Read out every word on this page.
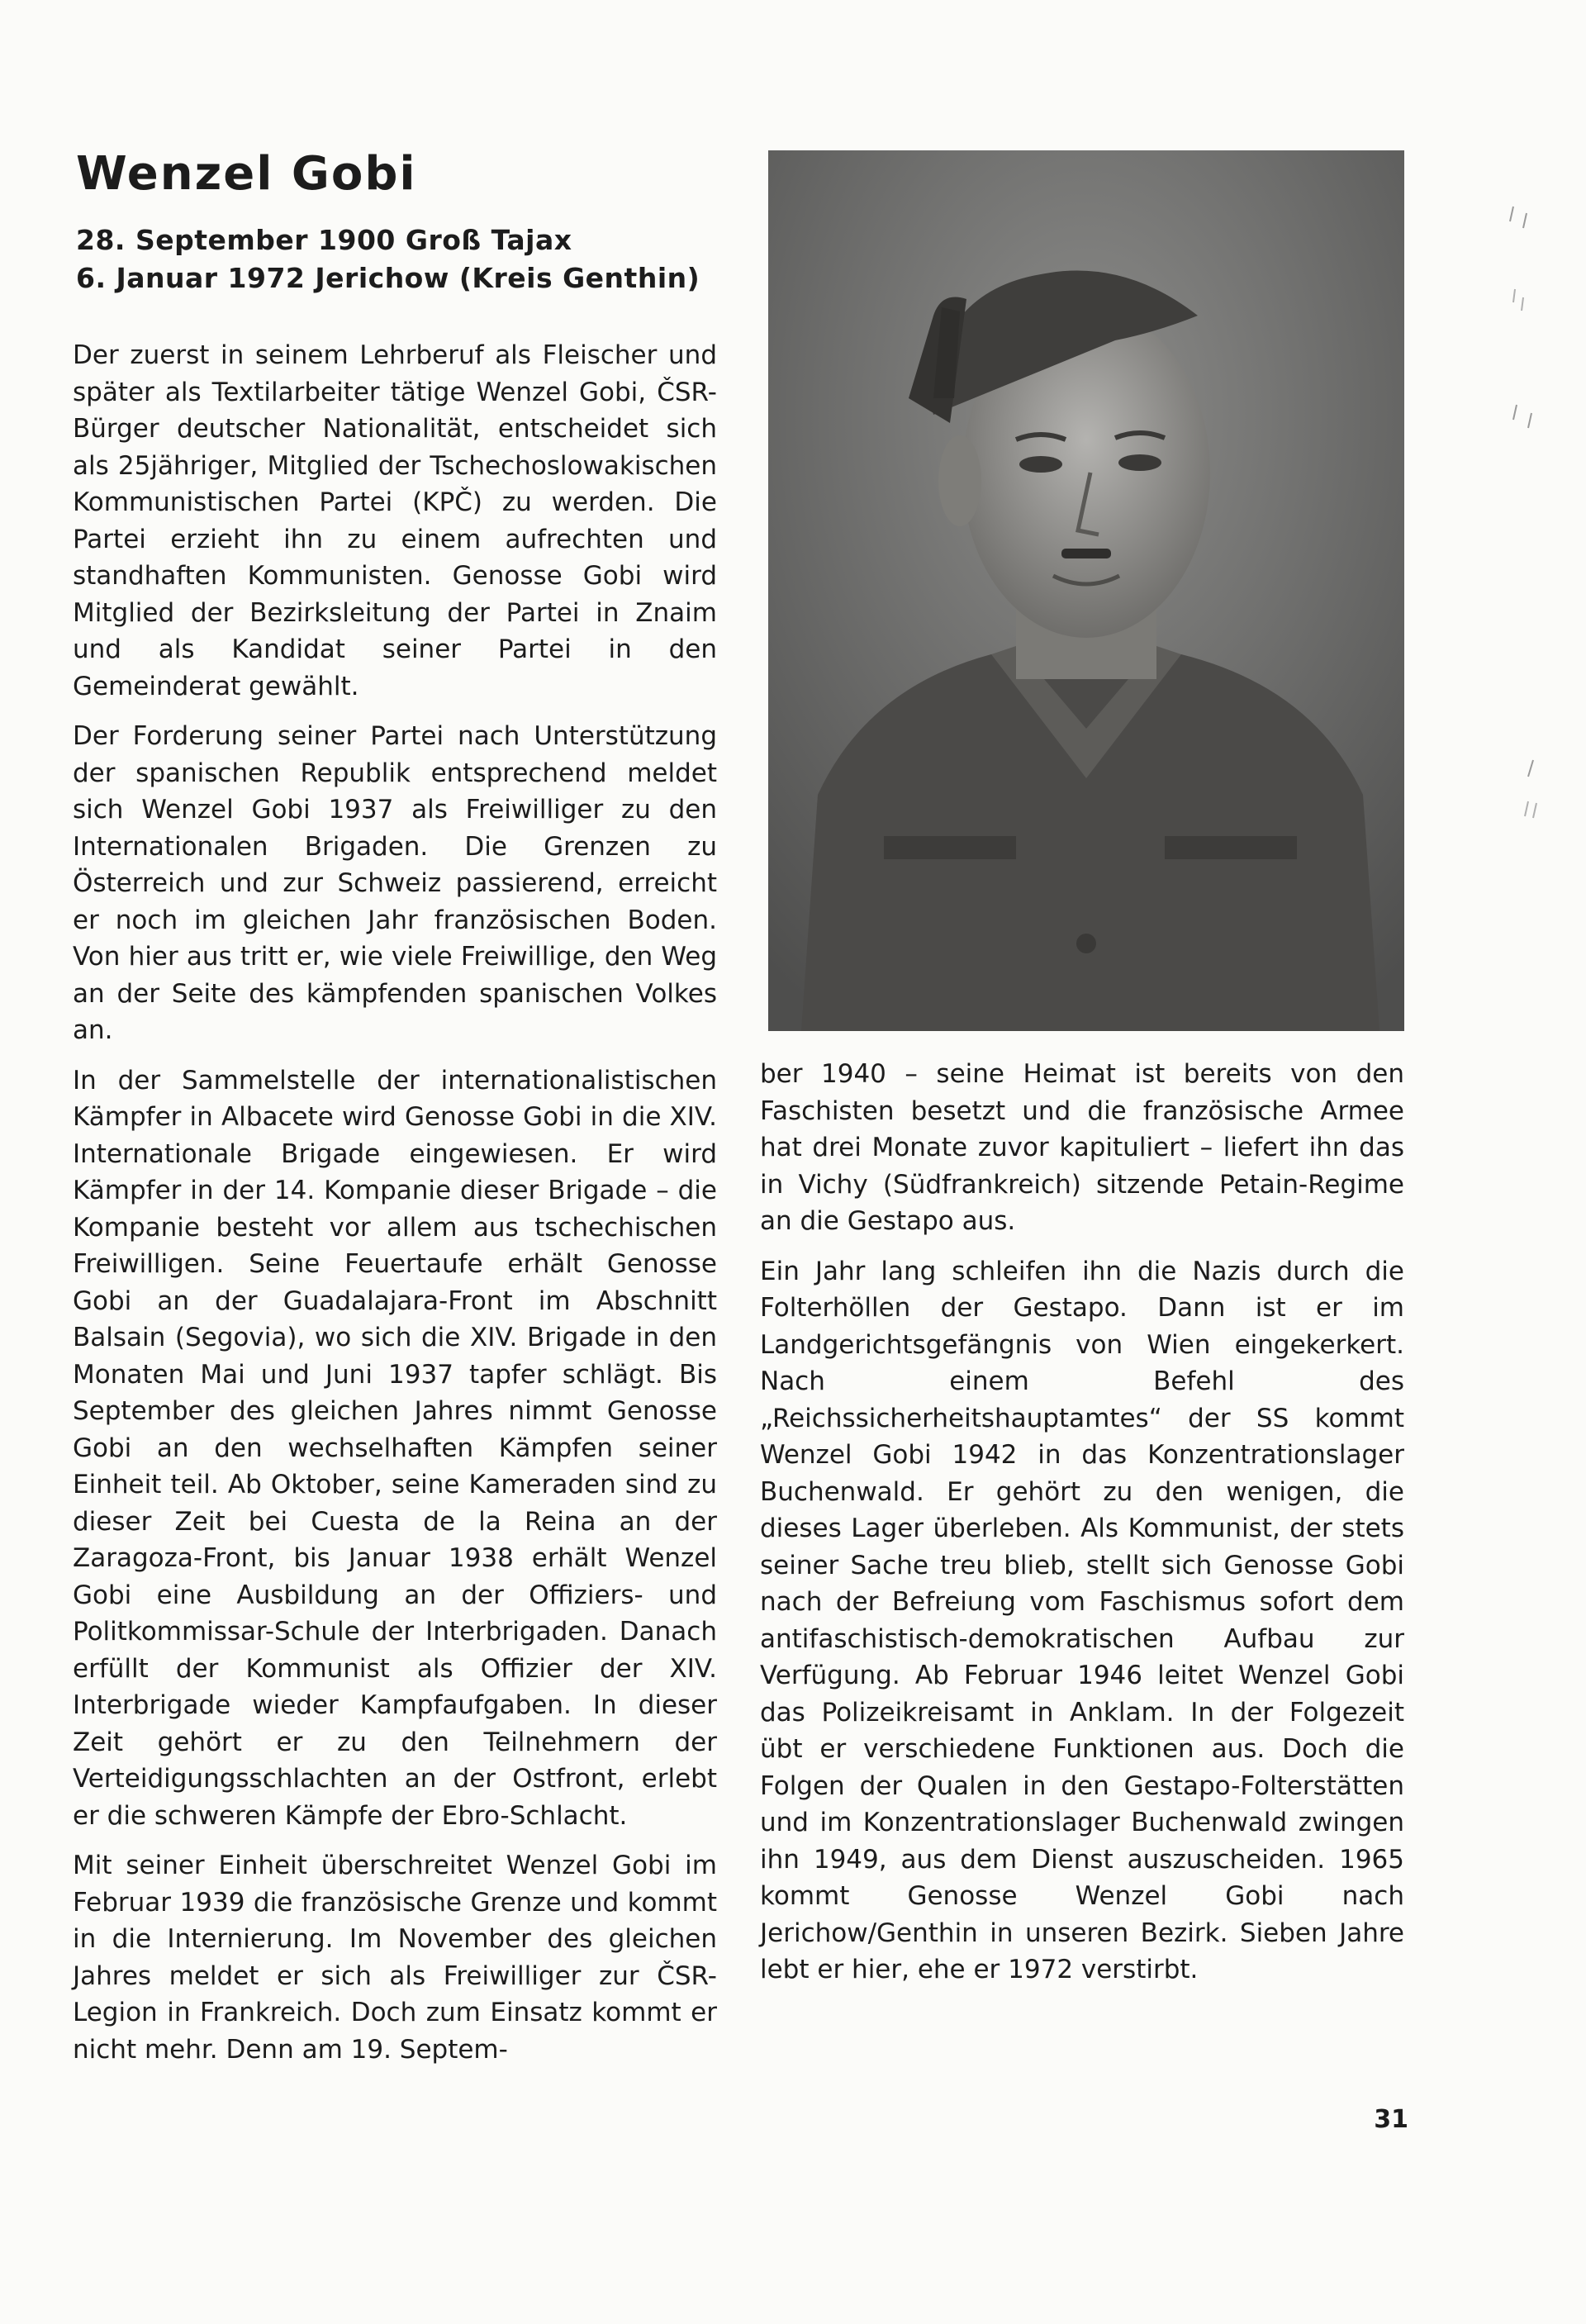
Wenzel Gobi

28. September 1900 Groß Tajax

6. Januar 1972 Jerichow (Kreis Genthin)

Der zuerst in seinem Lehrberuf als Fleischer und später als Textilarbeiter tätige Wenzel Gobi, ČSR-Bürger deutscher Nationalität, entscheidet sich als 25jähriger, Mitglied der Tschechoslowakischen Kommunistischen Partei (KPČ) zu werden. Die Partei erzieht ihn zu einem aufrechten und standhaften Kommunisten. Genosse Gobi wird Mitglied der Bezirksleitung der Partei in Znaim und als Kandidat seiner Partei in den Gemeinderat gewählt.

Der Forderung seiner Partei nach Unterstützung der spanischen Republik entsprechend meldet sich Wenzel Gobi 1937 als Freiwilliger zu den Internationalen Brigaden. Die Grenzen zu Österreich und zur Schweiz passierend, erreicht er noch im gleichen Jahr französischen Boden. Von hier aus tritt er, wie viele Freiwillige, den Weg an der Seite des kämpfenden spanischen Volkes an.

In der Sammelstelle der internationalistischen Kämpfer in Albacete wird Genosse Gobi in die XIV. Internationale Brigade eingewiesen. Er wird Kämpfer in der 14. Kompanie dieser Brigade – die Kompanie besteht vor allem aus tschechischen Freiwilligen. Seine Feuertaufe erhält Genosse Gobi an der Guadalajara-Front im Abschnitt Balsain (Segovia), wo sich die XIV. Brigade in den Monaten Mai und Juni 1937 tapfer schlägt. Bis September des gleichen Jahres nimmt Genosse Gobi an den wechselhaften Kämpfen seiner Einheit teil. Ab Oktober, seine Kameraden sind zu dieser Zeit bei Cuesta de la Reina an der Zaragoza-Front, bis Januar 1938 erhält Wenzel Gobi eine Ausbildung an der Offiziers- und Politkommissar-Schule der Interbrigaden. Danach erfüllt der Kommunist als Offizier der XIV. Interbrigade wieder Kampfaufgaben. In dieser Zeit gehört er zu den Teilnehmern der Verteidigungsschlachten an der Ostfront, erlebt er die schweren Kämpfe der Ebro-Schlacht.

Mit seiner Einheit überschreitet Wenzel Gobi im Februar 1939 die französische Grenze und kommt in die Internierung. Im November des gleichen Jahres meldet er sich als Freiwilliger zur ČSR-Legion in Frankreich. Doch zum Einsatz kommt er nicht mehr. Denn am 19. Septem-

ber 1940 – seine Heimat ist bereits von den Faschisten besetzt und die französische Armee hat drei Monate zuvor kapituliert – liefert ihn das in Vichy (Südfrankreich) sitzende Petain-Regime an die Gestapo aus.

Ein Jahr lang schleifen ihn die Nazis durch die Folterhöllen der Gestapo. Dann ist er im Landgerichtsgefängnis von Wien eingekerkert. Nach einem Befehl des „Reichssicherheitshauptamtes“ der SS kommt Wenzel Gobi 1942 in das Konzentrationslager Buchenwald. Er gehört zu den wenigen, die dieses Lager überleben. Als Kommunist, der stets seiner Sache treu blieb, stellt sich Genosse Gobi nach der Befreiung vom Faschismus sofort dem antifaschistisch-demokratischen Aufbau zur Verfügung. Ab Februar 1946 leitet Wenzel Gobi das Polizeikreisamt in Anklam. In der Folgezeit übt er verschiedene Funktionen aus. Doch die Folgen der Qualen in den Gestapo-Folterstätten und im Konzentrationslager Buchenwald zwingen ihn 1949, aus dem Dienst auszuscheiden. 1965 kommt Genosse Wenzel Gobi nach Jerichow/Genthin in unseren Bezirk. Sieben Jahre lebt er hier, ehe er 1972 verstirbt.

31
